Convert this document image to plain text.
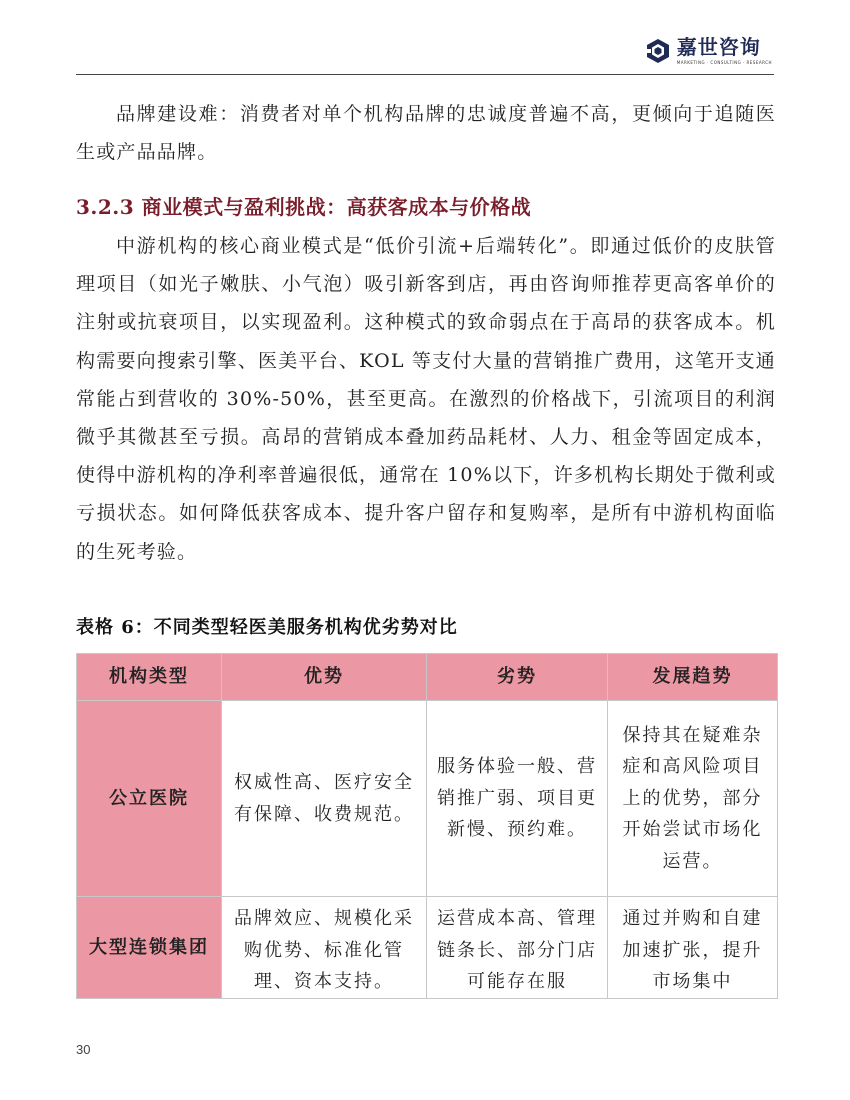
嘉世咨询
MARKETING · CONSULTING · RESEARCH

品牌建设难：消费者对单个机构品牌的忠诚度普遍不高，更倾向于追随医生或产品品牌。

3.2.3 商业模式与盈利挑战：高获客成本与价格战

中游机构的核心商业模式是“低价引流+后端转化”。即通过低价的皮肤管理项目（如光子嫩肤、小气泡）吸引新客到店，再由咨询师推荐更高客单价的注射或抗衰项目，以实现盈利。这种模式的致命弱点在于高昂的获客成本。机构需要向搜索引擎、医美平台、KOL 等支付大量的营销推广费用，这笔开支通常能占到营收的 30%-50%，甚至更高。在激烈的价格战下，引流项目的利润微乎其微甚至亏损。高昂的营销成本叠加药品耗材、人力、租金等固定成本，使得中游机构的净利率普遍很低，通常在 10%以下，许多机构长期处于微利或亏损状态。如何降低获客成本、提升客户留存和复购率，是所有中游机构面临的生死考验。

表格 6：不同类型轻医美服务机构优劣势对比
机构类型	优势	劣势	发展趋势
公立医院	权威性高、医疗安全有保障、收费规范。	服务体验一般、营销推广弱、项目更新慢、预约难。	保持其在疑难杂症和高风险项目上的优势，部分开始尝试市场化运营。
大型连锁集团	品牌效应、规模化采购优势、标准化管理、资本支持。	运营成本高、管理链条长、部分门店可能存在服	通过并购和自建加速扩张，提升市场集中

30
